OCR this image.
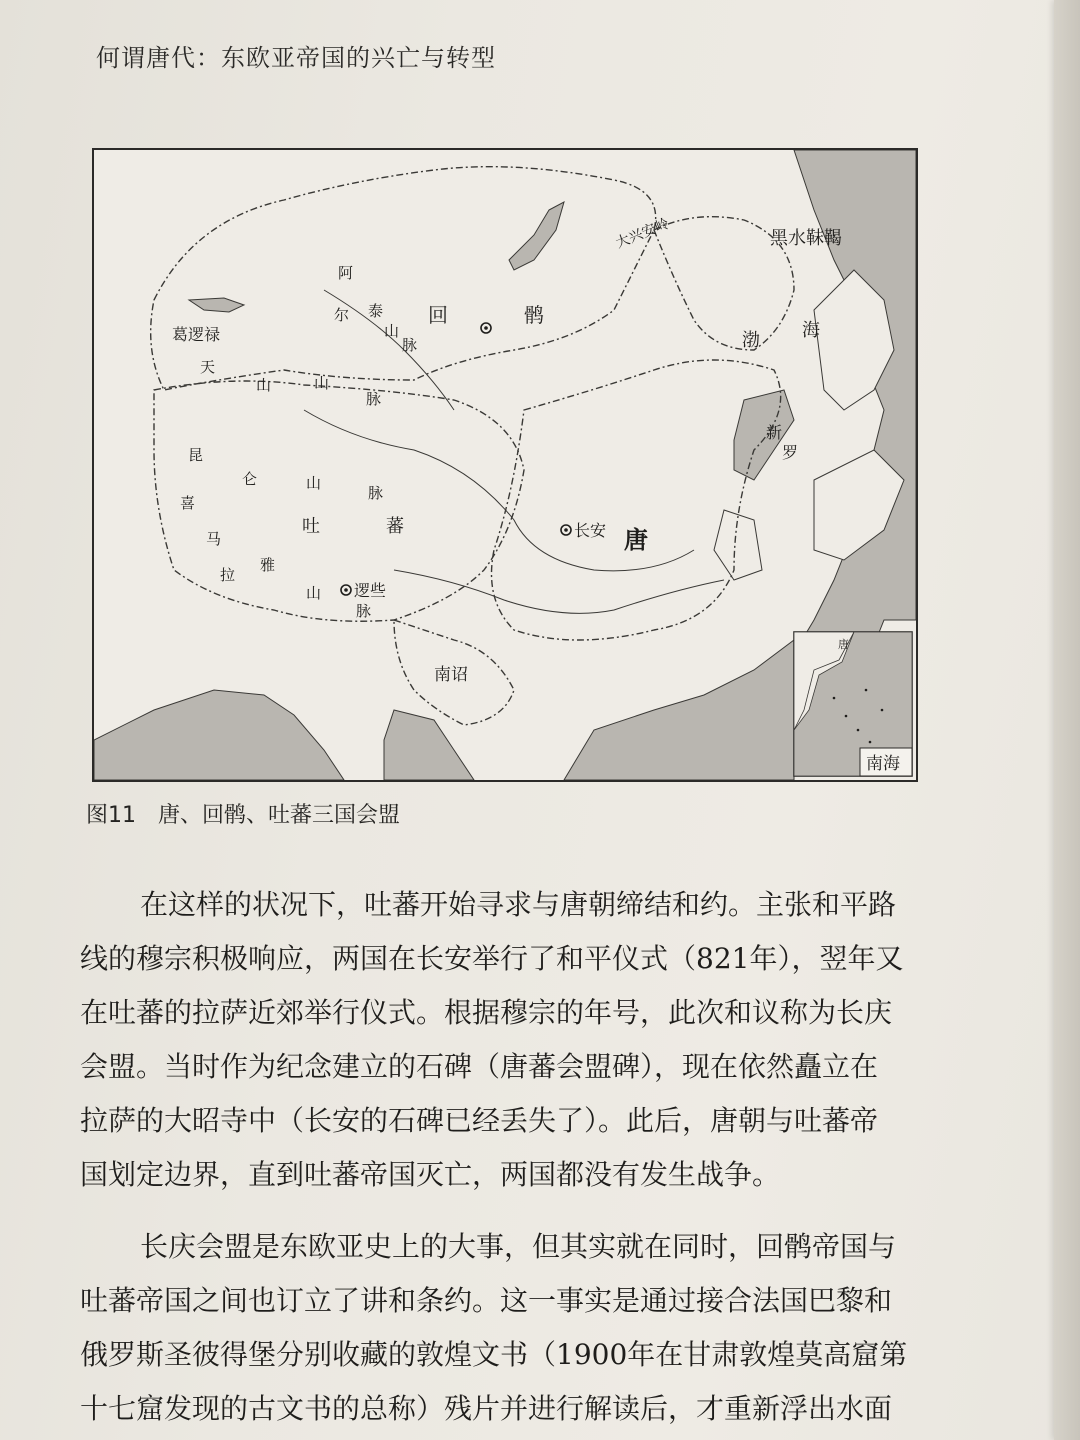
何谓唐代：东欧亚帝国的兴亡与转型
回	鹘
唐
长安
吐	蕃
逻些
南诏
新
罗
渤 海
黑水靺鞨
大兴安岭
葛逻禄
阿
尔 泰
山
脉
天
山	山
脉
昆
仑	山
脉
喜
马
拉
雅
山
脉
唐
南海
图11 唐、回鹘、吐蕃三国会盟
在这样的状况下，吐蕃开始寻求与唐朝缔结和约。主张和平路
线的穆宗积极响应，两国在长安举行了和平仪式（821年），翌年又
在吐蕃的拉萨近郊举行仪式。根据穆宗的年号，此次和议称为长庆
会盟。当时作为纪念建立的石碑（唐蕃会盟碑），现在依然矗立在
拉萨的大昭寺中（长安的石碑已经丢失了）。此后，唐朝与吐蕃帝
国划定边界，直到吐蕃帝国灭亡，两国都没有发生战争。
长庆会盟是东欧亚史上的大事，但其实就在同时，回鹘帝国与
吐蕃帝国之间也订立了讲和条约。这一事实是通过接合法国巴黎和
俄罗斯圣彼得堡分别收藏的敦煌文书（1900年在甘肃敦煌莫高窟第
十七窟发现的古文书的总称）残片并进行解读后，才重新浮出水面
